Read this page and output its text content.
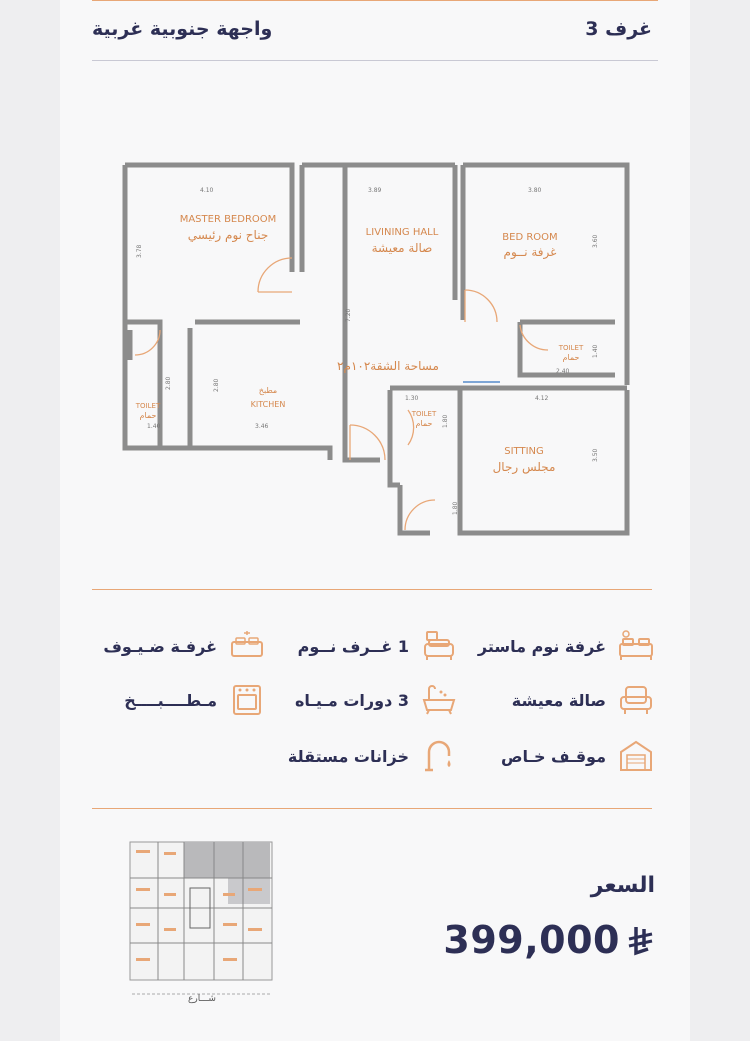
3 غرف
واجهة جنوبية غربية
4.10	3.89	3.80
3.78
7.20
3.60
1.40
2.40
1.30	4.12
2.80	2.80
1.40	3.46	1.80
3.50
1.80
MASTER BEDROOM
جناح نوم رئيسي	LIVINING HALL
صالة معيشة
BED ROOM
غرفة نــوم
TOILET
حمام
TOILET
حمام	TOILET
حمام
مطبخ
KITCHEN
SITTING
مجلس رجال
مساحة الشقة١٠٢م٢
غرفة نوم ماستر
1 غــرف نــوم
غرفـة ضـيـوف
صالة معيشة
3 دورات مـيـاه
مـطــــبــــخ
موقـف خـاص
خزانات مستقلة
شـــارع
السعر
399,000
